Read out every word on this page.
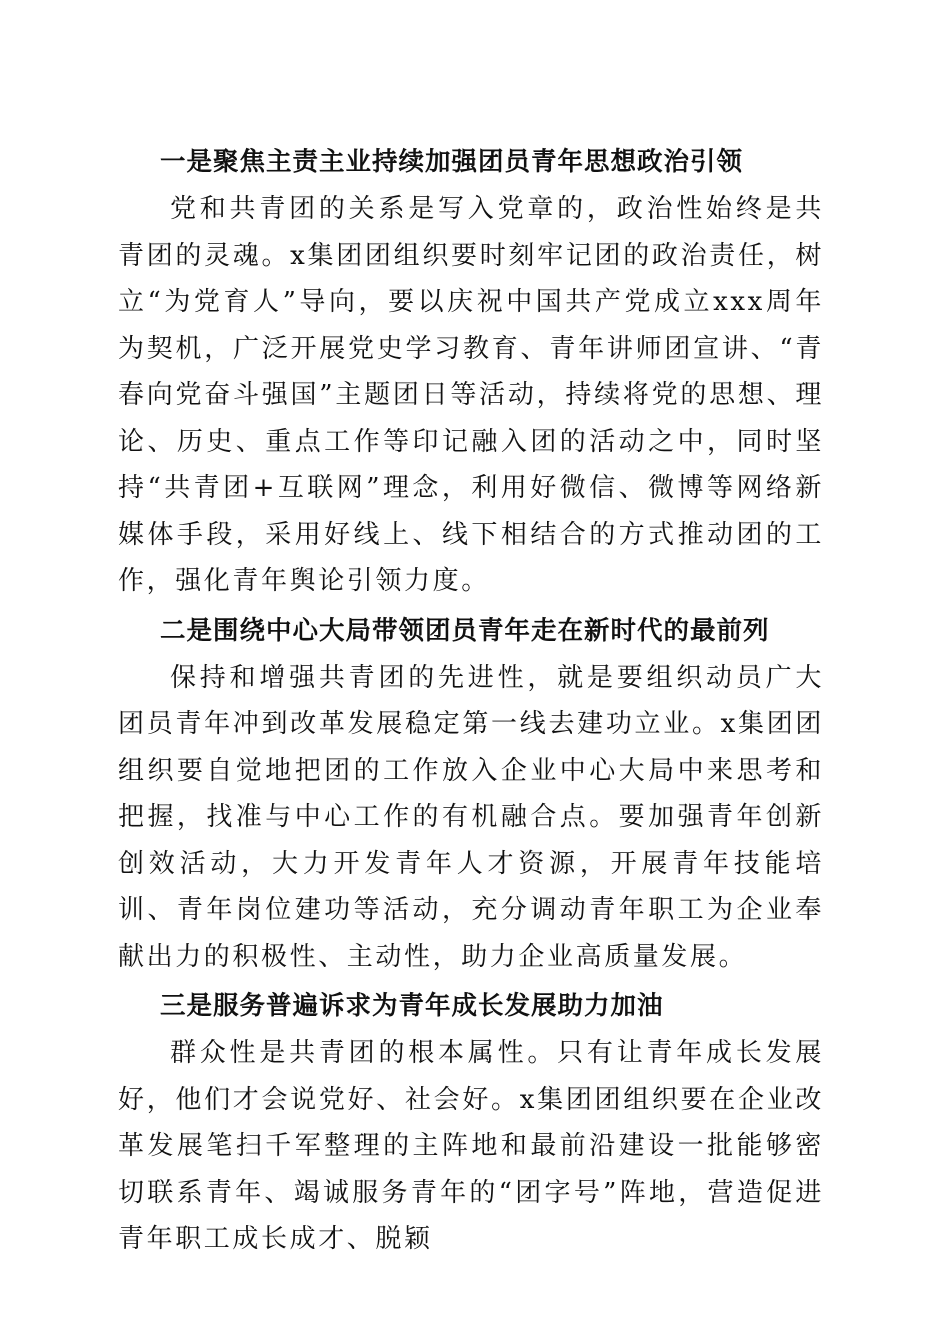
一是聚焦主责主业持续加强团员青年思想政治引领

党和共青团的关系是写入党章的，政治性始终是共青团的灵魂。x集团团组织要时刻牢记团的政治责任，树立“为党育人”导向，要以庆祝中国共产党成立xxx周年为契机，广泛开展党史学习教育、青年讲师团宣讲、“青春向党奋斗强国”主题团日等活动，持续将党的思想、理论、历史、重点工作等印记融入团的活动之中，同时坚持“共青团+互联网”理念，利用好微信、微博等网络新媒体手段，采用好线上、线下相结合的方式推动团的工作，强化青年舆论引领力度。

二是围绕中心大局带领团员青年走在新时代的最前列

保持和增强共青团的先进性，就是要组织动员广大团员青年冲到改革发展稳定第一线去建功立业。x集团团组织要自觉地把团的工作放入企业中心大局中来思考和把握，找准与中心工作的有机融合点。要加强青年创新创效活动，大力开发青年人才资源，开展青年技能培训、青年岗位建功等活动，充分调动青年职工为企业奉献出力的积极性、主动性，助力企业高质量发展。

三是服务普遍诉求为青年成长发展助力加油

群众性是共青团的根本属性。只有让青年成长发展好，他们才会说党好、社会好。x集团团组织要在企业改革发展笔扫千军整理的主阵地和最前沿建设一批能够密切联系青年、竭诚服务青年的“团字号”阵地，营造促进青年职工成长成才、脱颖
